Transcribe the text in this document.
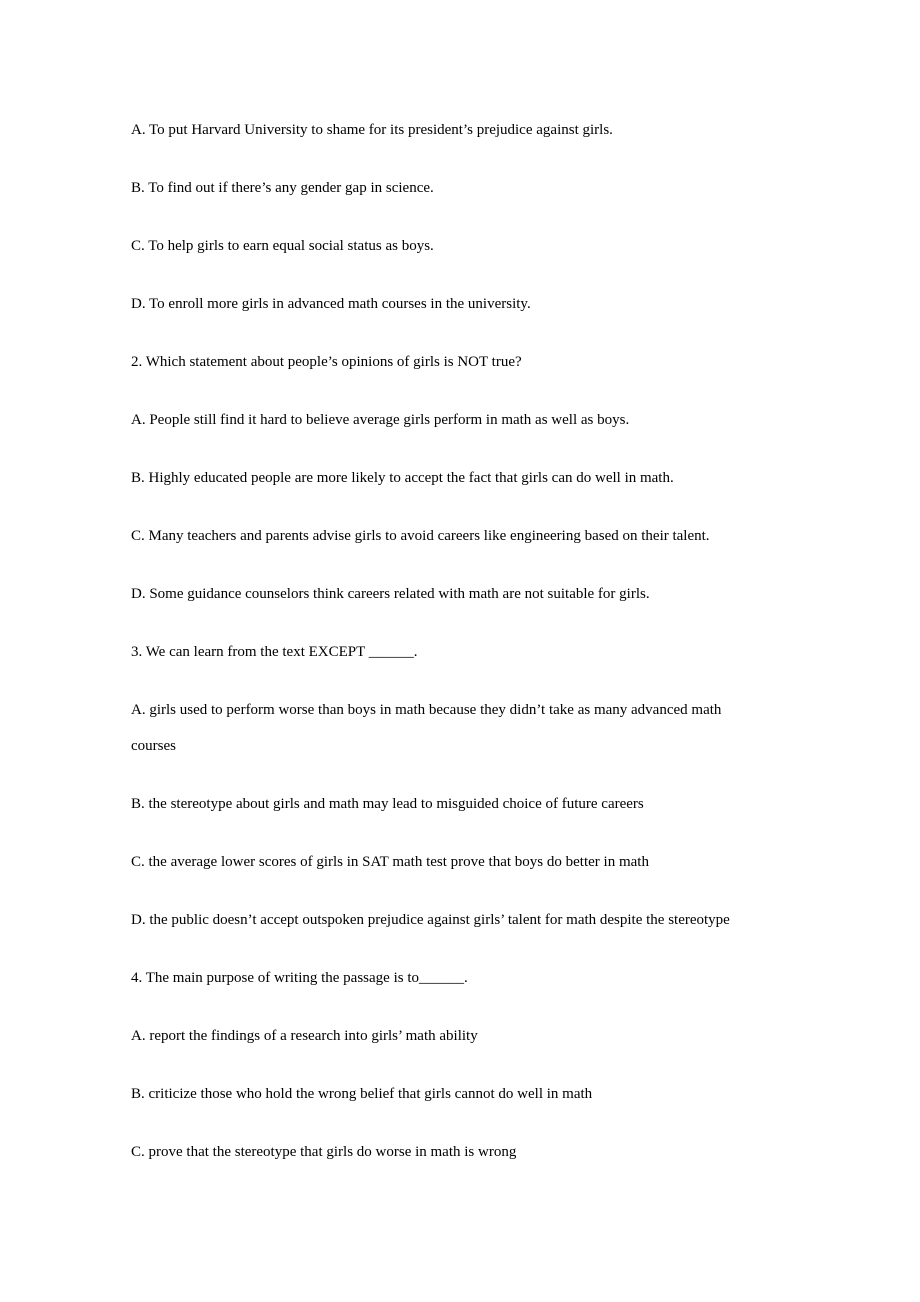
A. To put Harvard University to shame for its president’s prejudice against girls.
B. To find out if there’s any gender gap in science.
C. To help girls to earn equal social status as boys.
D. To enroll more girls in advanced math courses in the university.
2. Which statement about people’s opinions of girls is NOT true?
A. People still find it hard to believe average girls perform in math as well as boys.
B. Highly educated people are more likely to accept the fact that girls can do well in math.
C. Many teachers and parents advise girls to avoid careers like engineering based on their talent.
D. Some guidance counselors think careers related with math are not suitable for girls.
3. We can learn from the text EXCEPT ______.
A. girls used to perform worse than boys in math because they didn’t take as many advanced math
courses
B. the stereotype about girls and math may lead to misguided choice of future careers
C. the average lower scores of girls in SAT math test prove that boys do better in math
D. the public doesn’t accept outspoken prejudice against girls’ talent for math despite the stereotype
4. The main purpose of writing the passage is to______.
A. report the findings of a research into girls’ math ability
B. criticize those who hold the wrong belief that girls cannot do well in math
C. prove that the stereotype that girls do worse in math is wrong
